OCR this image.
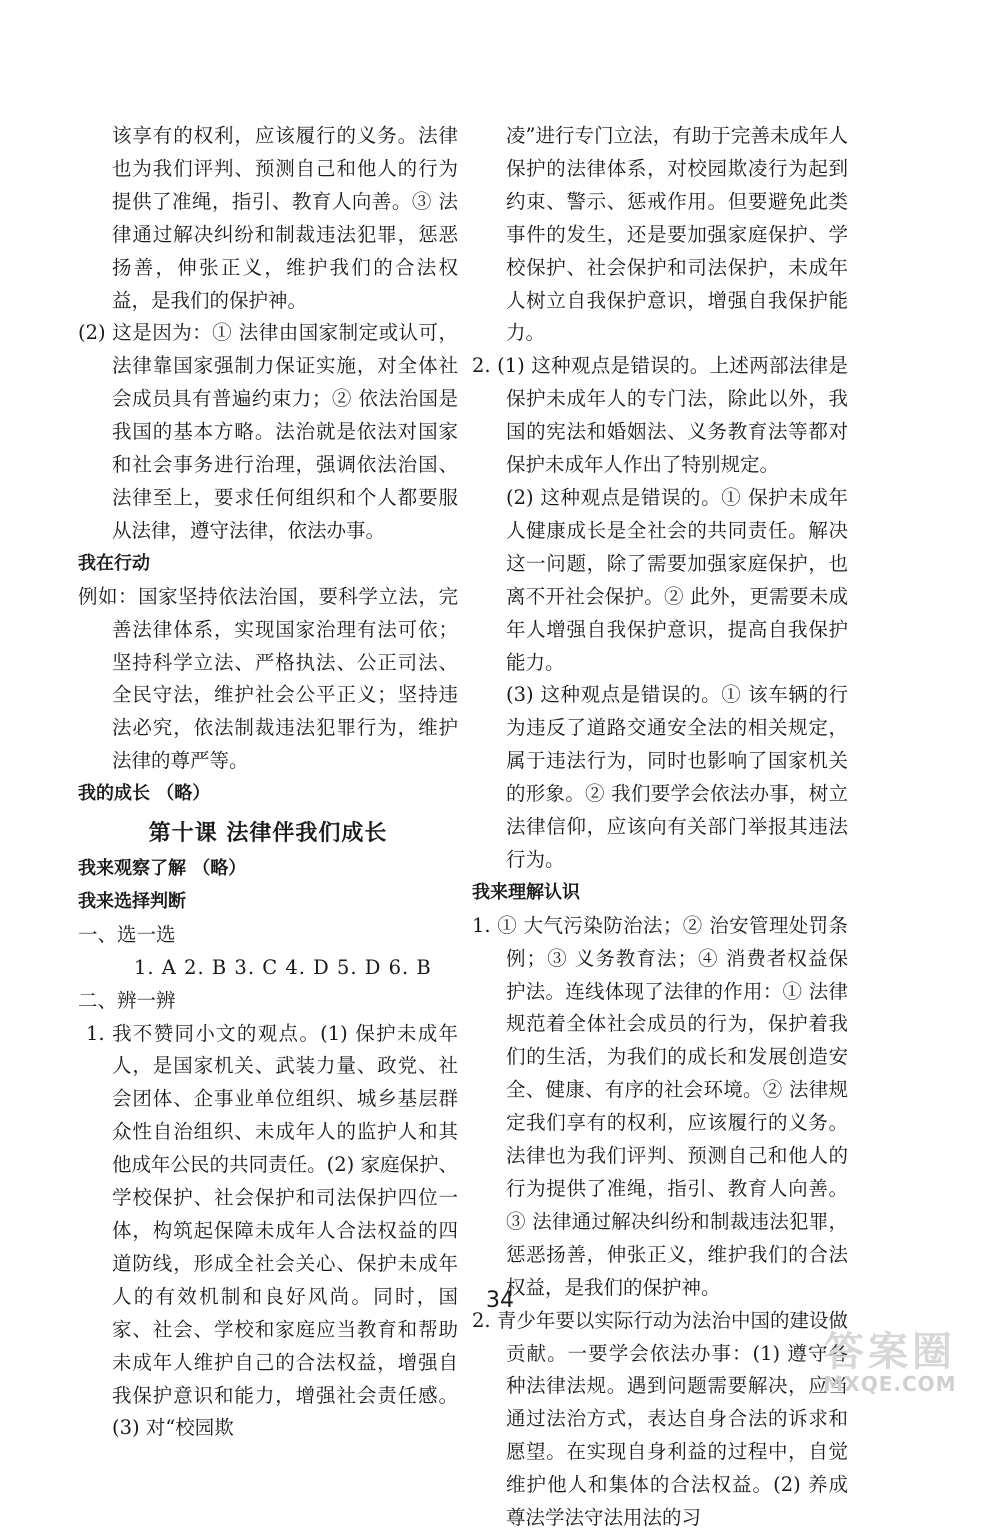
该享有的权利，应该履行的义务。法律也为我们评判、预测自己和他人的行为提供了准绳，指引、教育人向善。③ 法律通过解决纠纷和制裁违法犯罪，惩恶扬善，伸张正义，维护我们的合法权益，是我们的保护神。

(2) 这是因为：① 法律由国家制定或认可，法律靠国家强制力保证实施，对全体社会成员具有普遍约束力；② 依法治国是我国的基本方略。法治就是依法对国家和社会事务进行治理，强调依法治国、法律至上，要求任何组织和个人都要服从法律，遵守法律，依法办事。

我在行动

例如：国家坚持依法治国，要科学立法，完善法律体系，实现国家治理有法可依；坚持科学立法、严格执法、公正司法、全民守法，维护社会公平正义；坚持违法必究，依法制裁违法犯罪行为，维护法律的尊严等。

我的成长 （略）

第十课 法律伴我们成长

我来观察了解 （略）

我来选择判断

一、选一选

1. A 2. B 3. C 4. D 5. D 6. B

二、辨一辨

1. 我不赞同小文的观点。(1) 保护未成年人，是国家机关、武装力量、政党、社会团体、企事业单位组织、城乡基层群众性自治组织、未成年人的监护人和其他成年公民的共同责任。(2) 家庭保护、学校保护、社会保护和司法保护四位一体，构筑起保障未成年人合法权益的四道防线，形成全社会关心、保护未成年人的有效机制和良好风尚。同时，国家、社会、学校和家庭应当教育和帮助未成年人维护自己的合法权益，增强自我保护意识和能力，增强社会责任感。(3) 对“校园欺

凌”进行专门立法，有助于完善未成年人保护的法律体系，对校园欺凌行为起到约束、警示、惩戒作用。但要避免此类事件的发生，还是要加强家庭保护、学校保护、社会保护和司法保护，未成年人树立自我保护意识，增强自我保护能力。

2. (1) 这种观点是错误的。上述两部法律是保护未成年人的专门法，除此以外，我国的宪法和婚姻法、义务教育法等都对保护未成年人作出了特别规定。

(2) 这种观点是错误的。① 保护未成年人健康成长是全社会的共同责任。解决这一问题，除了需要加强家庭保护，也离不开社会保护。② 此外，更需要未成年人增强自我保护意识，提高自我保护能力。

(3) 这种观点是错误的。① 该车辆的行为违反了道路交通安全法的相关规定，属于违法行为，同时也影响了国家机关的形象。② 我们要学会依法办事，树立法律信仰，应该向有关部门举报其违法行为。

我来理解认识

1. ① 大气污染防治法；② 治安管理处罚条例；③ 义务教育法；④ 消费者权益保护法。连线体现了法律的作用：① 法律规范着全体社会成员的行为，保护着我们的生活，为我们的成长和发展创造安全、健康、有序的社会环境。② 法律规定我们享有的权利，应该履行的义务。法律也为我们评判、预测自己和他人的行为提供了准绳，指引、教育人向善。③ 法律通过解决纠纷和制裁违法犯罪，惩恶扬善，伸张正义，维护我们的合法权益，是我们的保护神。

2. 青少年要以实际行动为法治中国的建设做贡献。一要学会依法办事：(1) 遵守各种法律法规。遇到问题需要解决，应当通过法治方式，表达自身合法的诉求和愿望。在实现自身利益的过程中，自觉维护他人和集体的合法权益。(2) 养成尊法学法守法用法的习

34
答案圈
MXQE.COM
